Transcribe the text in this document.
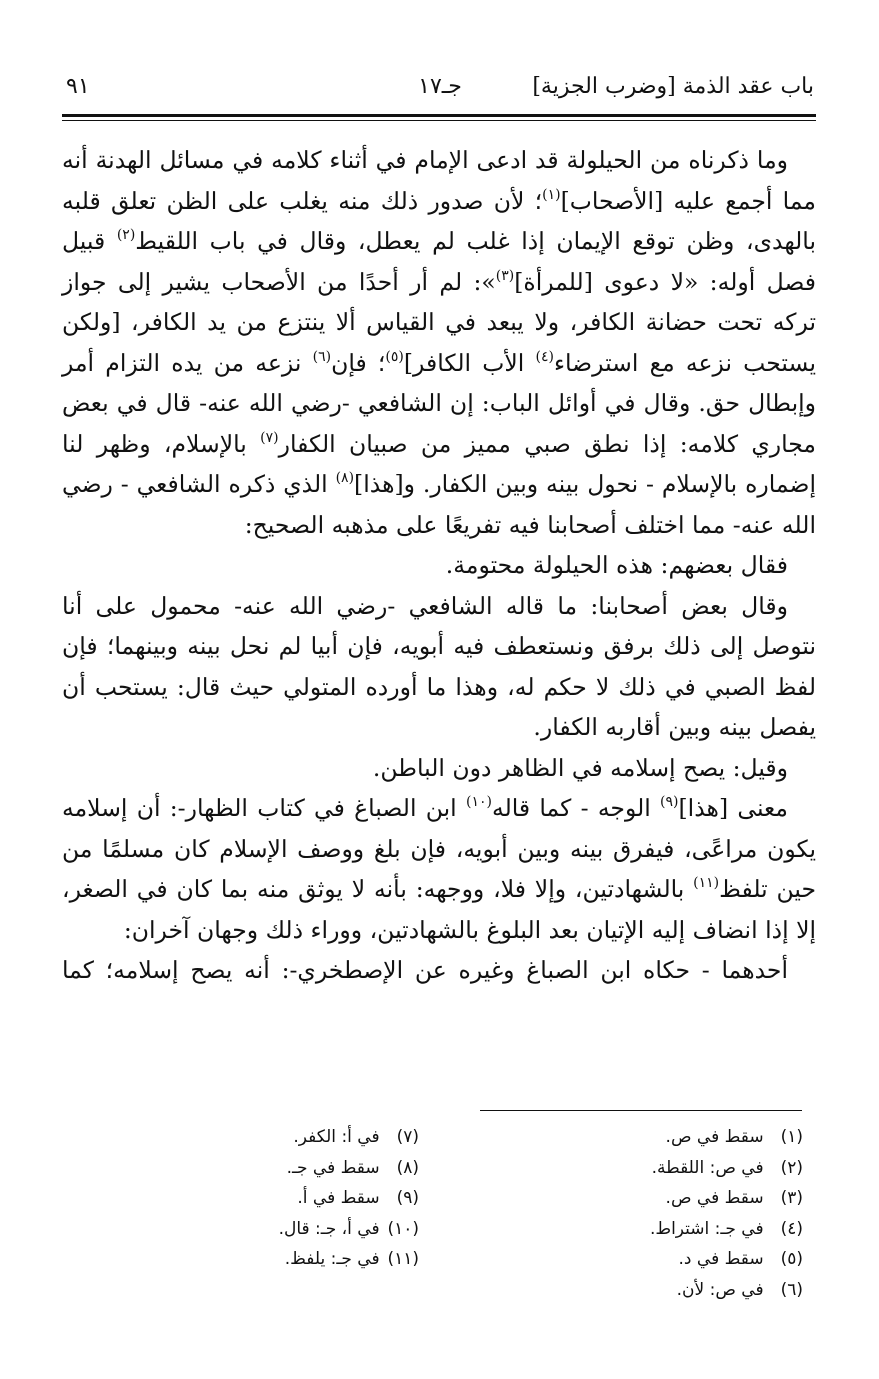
باب عقد الذمة [وضرب الجزية]
جـ١٧
٩١

وما ذكرناه من الحيلولة قد ادعى الإمام في أثناء كلامه في مسائل الهدنة أنه مما أجمع عليه [الأصحاب]$^{(١)}$؛ لأن صدور ذلك منه يغلب على الظن تعلق قلبه بالهدى، وظن توقع الإيمان إذا غلب لم يعطل، وقال في باب اللقيط$^{(٢)}$ قبيل فصل أوله: «لا دعوى [للمرأة]$^{(٣)}$»: لم أر أحدًا من الأصحاب يشير إلى جواز تركه تحت حضانة الكافر، ولا يبعد في القياس ألا ينتزع من يد الكافر، [ولكن يستحب نزعه مع استرضاء$^{(٤)}$ الأب الكافر]$^{(٥)}$؛ فإن$^{(٦)}$ نزعه من يده التزام أمر وإبطال حق. وقال في أوائل الباب: إن الشافعي -رضي الله عنه- قال في بعض مجاري كلامه: إذا نطق صبي مميز من صبيان الكفار$^{(٧)}$ بالإسلام، وظهر لنا إضماره بالإسلام - نحول بينه وبين الكفار. و[هذا]$^{(٨)}$ الذي ذكره الشافعي - رضي الله عنه- مما اختلف أصحابنا فيه تفريعًا على مذهبه الصحيح:

فقال بعضهم: هذه الحيلولة محتومة.

وقال بعض أصحابنا: ما قاله الشافعي -رضي الله عنه- محمول على أنا نتوصل إلى ذلك برفق ونستعطف فيه أبويه، فإن أبيا لم نحل بينه وبينهما؛ فإن لفظ الصبي في ذلك لا حكم له، وهذا ما أورده المتولي حيث قال: يستحب أن يفصل بينه وبين أقاربه الكفار.

وقيل: يصح إسلامه في الظاهر دون الباطن.

معنى [هذا]$^{(٩)}$ الوجه - كما قاله$^{(١٠)}$ ابن الصباغ في كتاب الظهار-: أن إسلامه يكون مراعًى، فيفرق بينه وبين أبويه، فإن بلغ ووصف الإسلام كان مسلمًا من حين تلفظ$^{(١١)}$ بالشهادتين، وإلا فلا، ووجهه: بأنه لا يوثق منه بما كان في الصغر، إلا إذا انضاف إليه الإتيان بعد البلوغ بالشهادتين، ووراء ذلك وجهان آخران:

أحدهما - حكاه ابن الصباغ وغيره عن الإصطخري-: أنه يصح إسلامه؛ كما

(١) سقط في ص.
(٢) في ص: اللقطة.
(٣) سقط في ص.
(٤) في جـ: اشتراط.
(٥) سقط في د.
(٦) في ص: لأن.
(٧) في أ: الكفر.
(٨) سقط في جـ.
(٩) سقط في أ.
(١٠) في أ، جـ: قال.
(١١) في جـ: يلفظ.
